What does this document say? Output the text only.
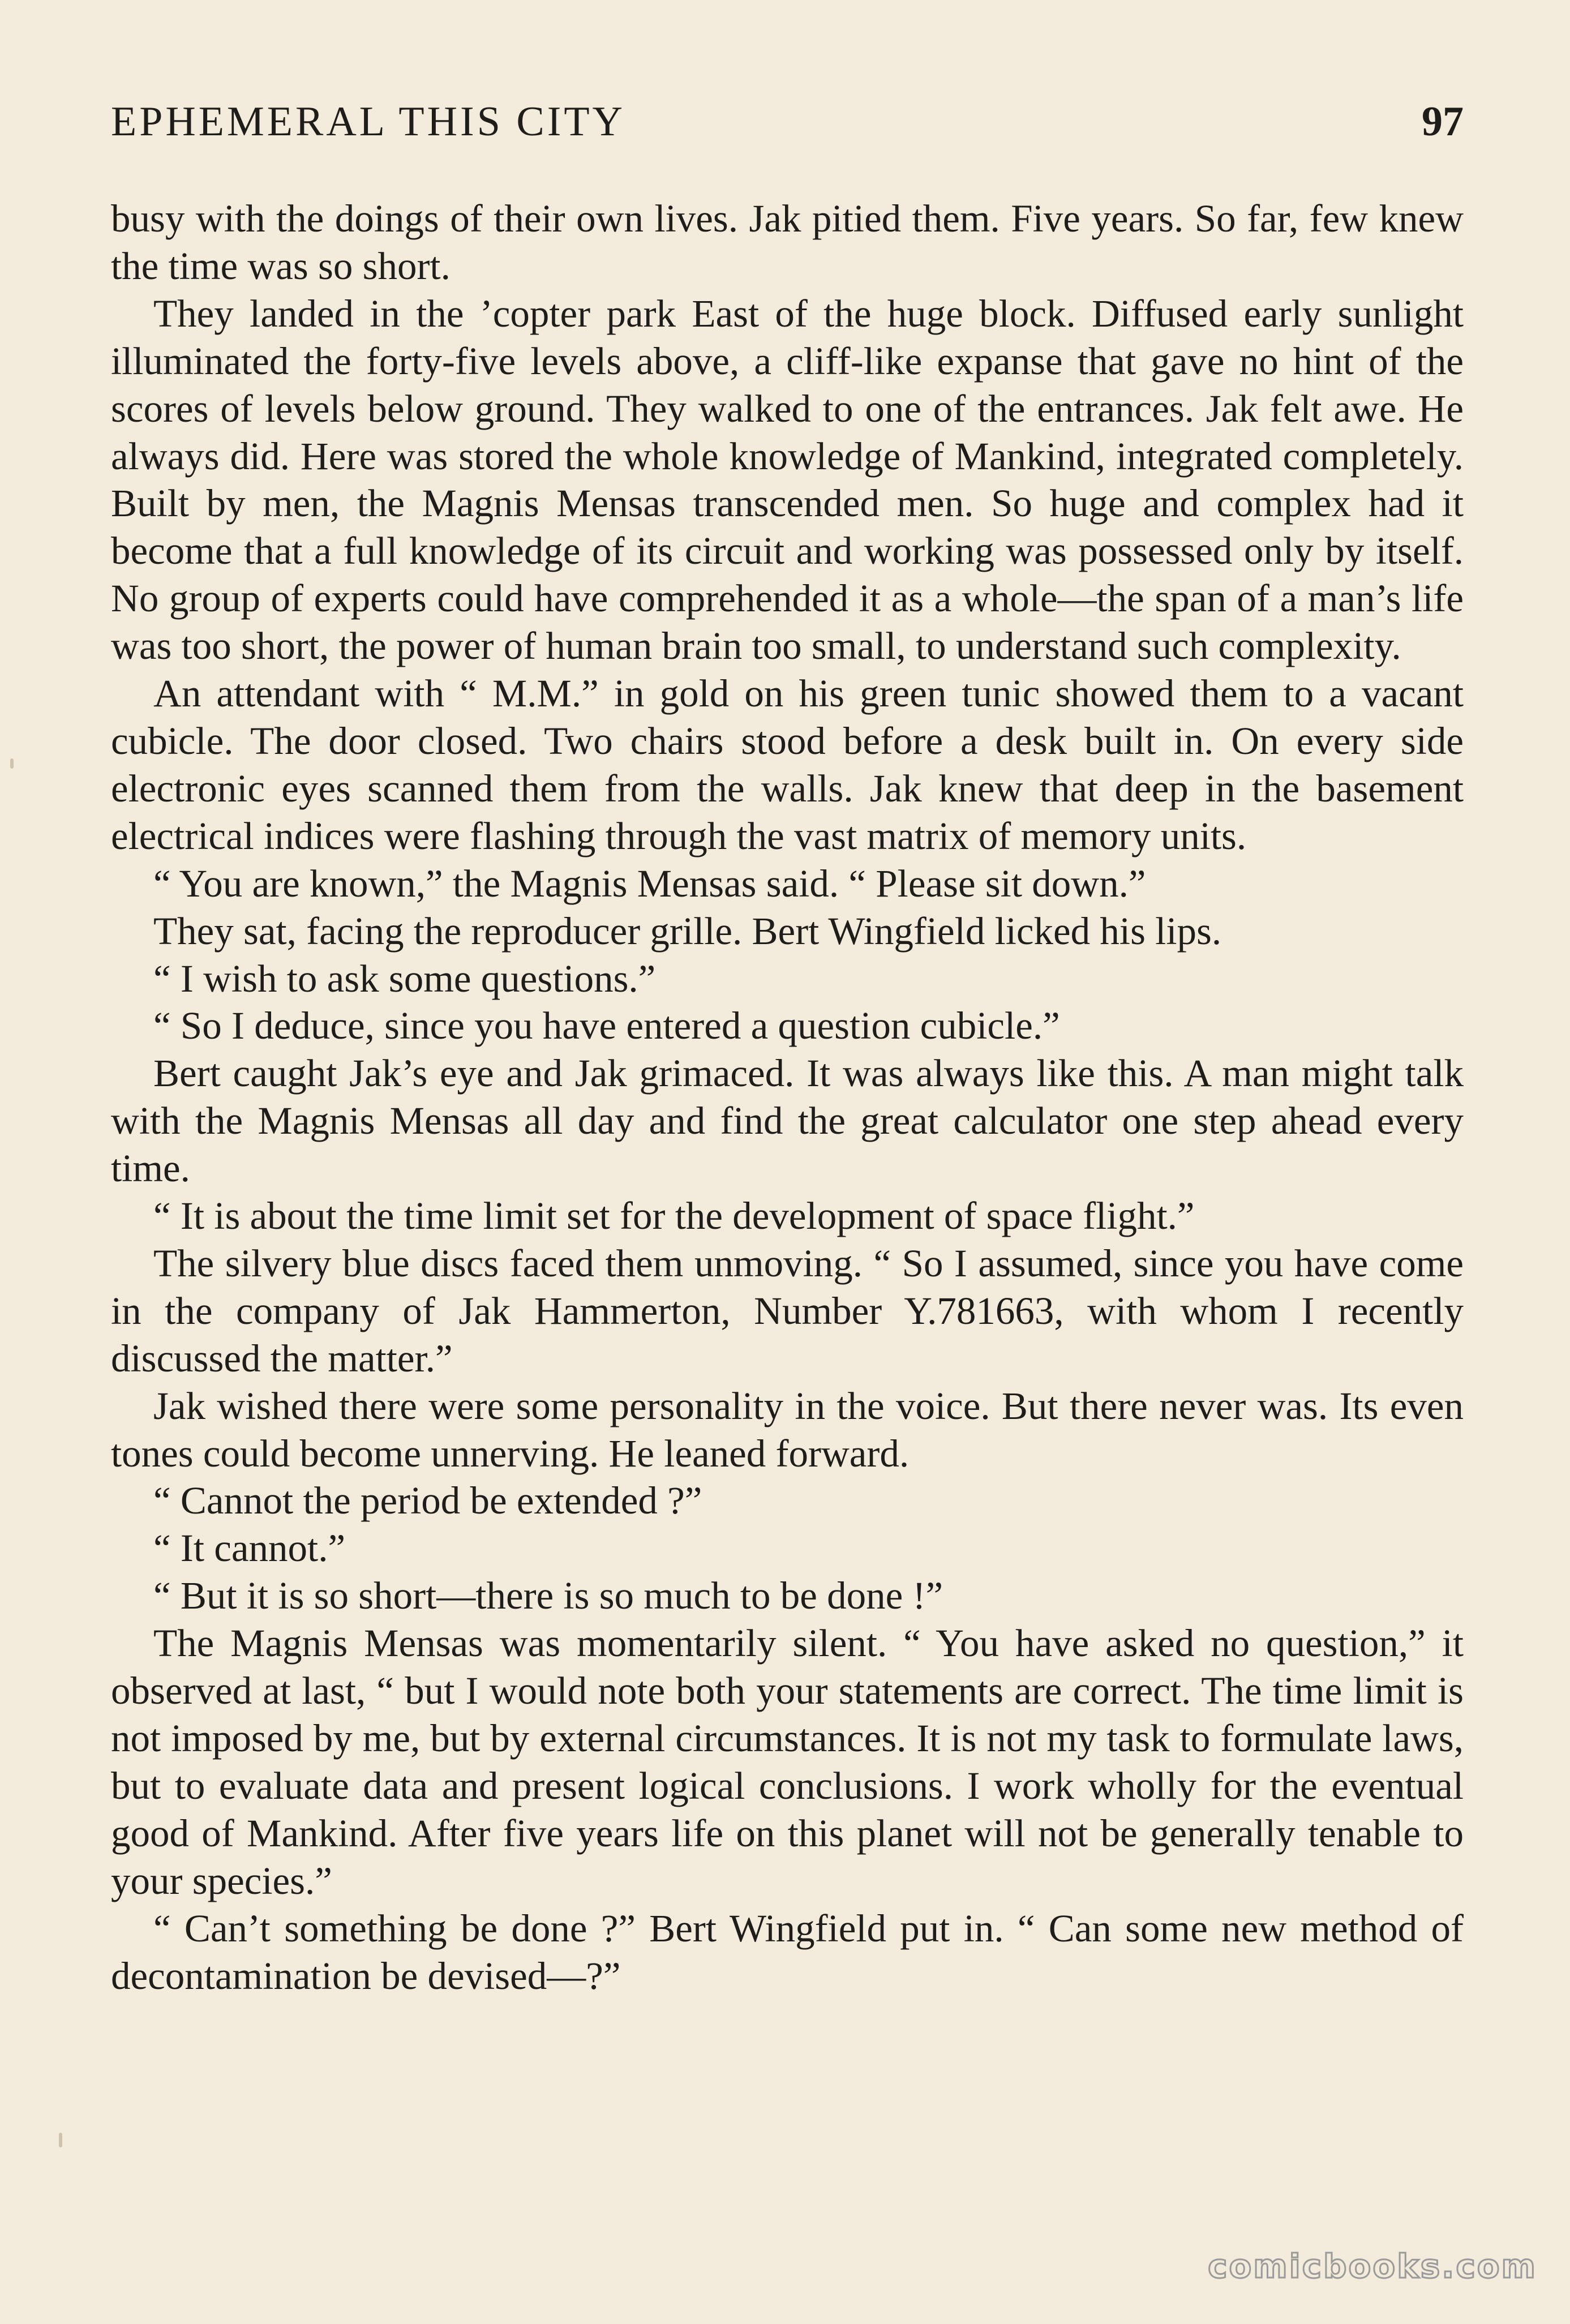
EPHEMERAL THIS CITY	97

busy with the doings of their own lives. Jak pitied them. Five years. So far, few knew the time was so short.

They landed in the ’copter park East of the huge block. Diffused early sunlight illuminated the forty-five levels above, a cliff-like expanse that gave no hint of the scores of levels below ground. They walked to one of the entrances. Jak felt awe. He always did. Here was stored the whole knowledge of Mankind, integrated completely. Built by men, the Magnis Mensas transcended men. So huge and complex had it become that a full knowledge of its circuit and working was possessed only by itself. No group of experts could have comprehended it as a whole—the span of a man’s life was too short, the power of human brain too small, to understand such complexity.

An attendant with “ M.M.” in gold on his green tunic showed them to a vacant cubicle. The door closed. Two chairs stood before a desk built in. On every side electronic eyes scanned them from the walls. Jak knew that deep in the basement electrical indices were flashing through the vast matrix of memory units.

“ You are known,” the Magnis Mensas said. “ Please sit down.”

They sat, facing the reproducer grille. Bert Wingfield licked his lips.

“ I wish to ask some questions.”

“ So I deduce, since you have entered a question cubicle.”

Bert caught Jak’s eye and Jak grimaced. It was always like this. A man might talk with the Magnis Mensas all day and find the great calculator one step ahead every time.

“ It is about the time limit set for the development of space flight.”

The silvery blue discs faced them unmoving. “ So I assumed, since you have come in the company of Jak Hammerton, Number Y.781663, with whom I recently discussed the matter.”

Jak wished there were some personality in the voice. But there never was. Its even tones could become unnerving. He leaned forward.

“ Cannot the period be extended ?”

“ It cannot.”

“ But it is so short—there is so much to be done !”

The Magnis Mensas was momentarily silent. “ You have asked no question,” it observed at last, “ but I would note both your statements are correct. The time limit is not imposed by me, but by external circumstances. It is not my task to formulate laws, but to evaluate data and present logical conclusions. I work wholly for the eventual good of Mankind. After five years life on this planet will not be generally tenable to your species.”

“ Can’t something be done ?” Bert Wingfield put in. “ Can some new method of decontamination be devised—?”

comicbooks.com
